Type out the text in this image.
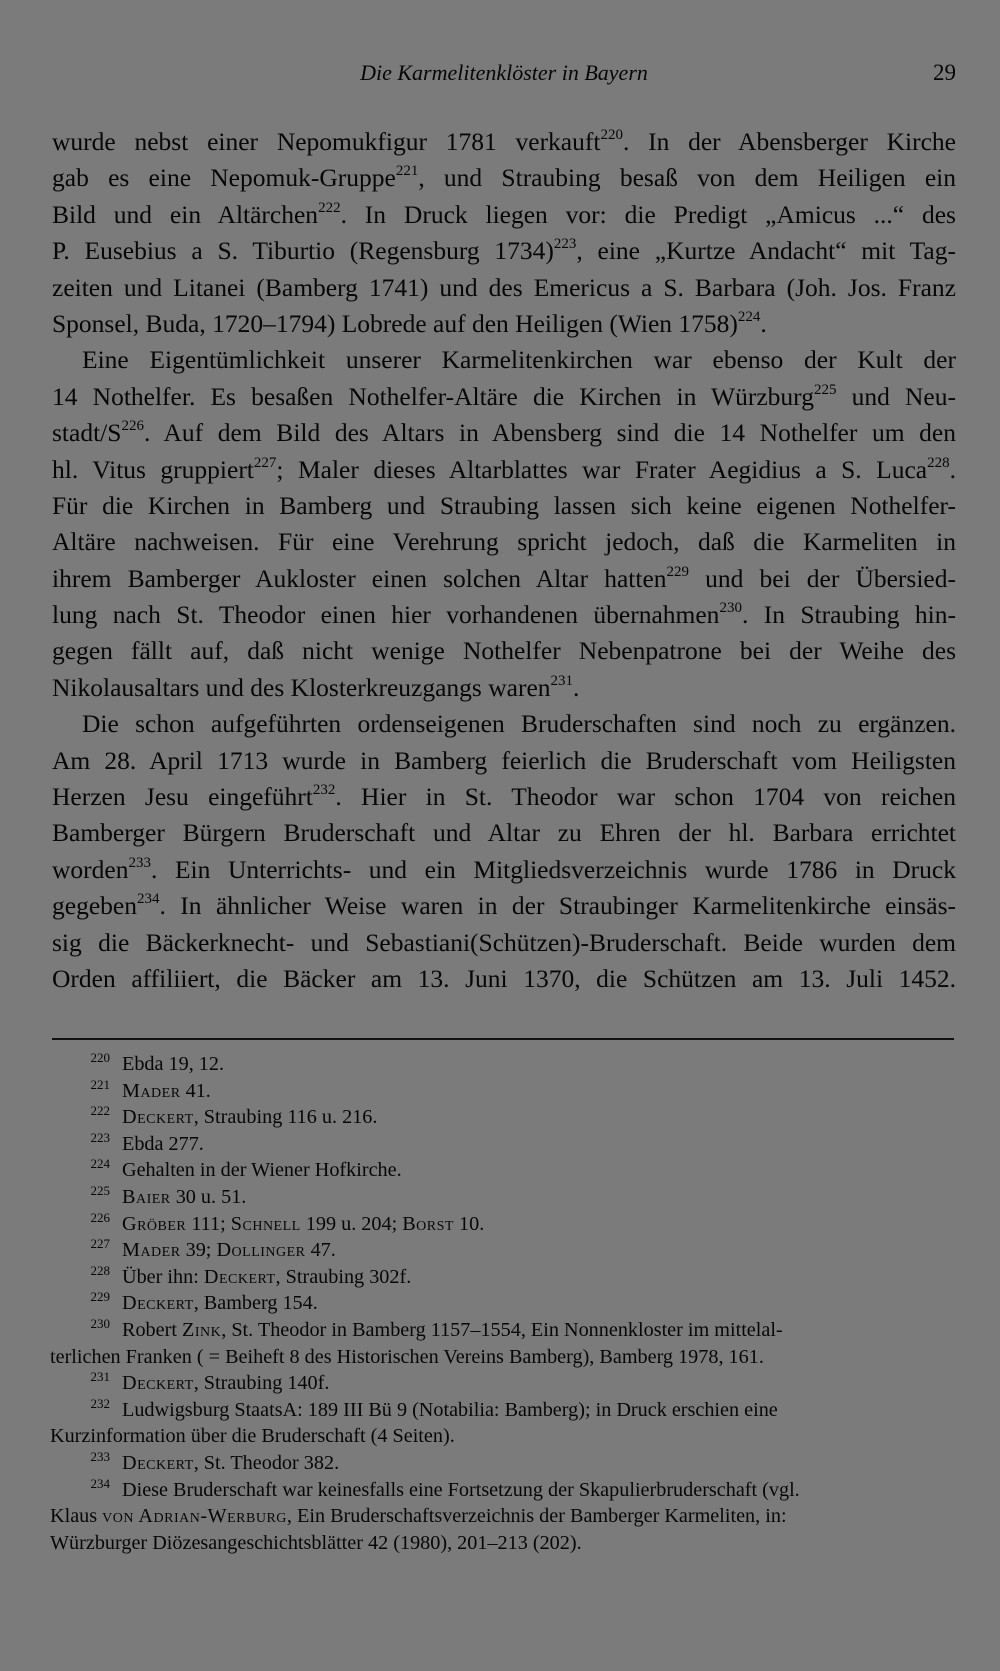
Die Karmelitenklöster in Bayern	29
wurde nebst einer Nepomukfigur 1781 verkauft$^{220}$. In der Abensberger Kirche
gab es eine Nepomuk-Gruppe$^{221}$, und Straubing besaß von dem Heiligen ein
Bild und ein Altärchen$^{222}$. In Druck liegen vor: die Predigt „Amicus ...“ des
P. Eusebius a S. Tiburtio (Regensburg 1734)$^{223}$, eine „Kurtze Andacht“ mit Tag-
zeiten und Litanei (Bamberg 1741) und des Emericus a S. Barbara (Joh. Jos. Franz
Sponsel, Buda, 1720–1794) Lobrede auf den Heiligen (Wien 1758)$^{224}$.
Eine Eigentümlichkeit unserer Karmelitenkirchen war ebenso der Kult der
14 Nothelfer. Es besaßen Nothelfer-Altäre die Kirchen in Würzburg$^{225}$ und Neu-
stadt/$S^{226}$. Auf dem Bild des Altars in Abensberg sind die 14 Nothelfer um den
hl. Vitus gruppiert$^{227}$; Maler dieses Altarblattes war Frater Aegidius a S. Luca$^{228}$.
Für die Kirchen in Bamberg und Straubing lassen sich keine eigenen Nothelfer-
Altäre nachweisen. Für eine Verehrung spricht jedoch, daß die Karmeliten in
ihrem Bamberger Aukloster einen solchen Altar hatten$^{229}$ und bei der Übersied-
lung nach St. Theodor einen hier vorhandenen übernahmen$^{230}$. In Straubing hin-
gegen fällt auf, daß nicht wenige Nothelfer Nebenpatrone bei der Weihe des
Nikolausaltars und des Klosterkreuzgangs waren$^{231}$.
Die schon aufgeführten ordenseigenen Bruderschaften sind noch zu ergänzen.
Am 28. April 1713 wurde in Bamberg feierlich die Bruderschaft vom Heiligsten
Herzen Jesu eingeführt$^{232}$. Hier in St. Theodor war schon 1704 von reichen
Bamberger Bürgern Bruderschaft und Altar zu Ehren der hl. Barbara errichtet
worden$^{233}$. Ein Unterrichts- und ein Mitgliedsverzeichnis wurde 1786 in Druck
gegeben$^{234}$. In ähnlicher Weise waren in der Straubinger Karmelitenkirche einsäs-
sig die Bäckerknecht- und Sebastiani(Schützen)-Bruderschaft. Beide wurden dem
Orden affiliiert, die Bäcker am 13. Juni 1370, die Schützen am 13. Juli 1452.
220 Ebda 19, 12.
221 Mader 41.
222 Deckert, Straubing 116 u. 216.
223 Ebda 277.
224 Gehalten in der Wiener Hofkirche.
225 Baier 30 u. 51.
226 Gröber 111; Schnell 199 u. 204; Borst 10.
227 Mader 39; Dollinger 47.
228 Über ihn: Deckert, Straubing 302f.
229 Deckert, Bamberg 154.
230 Robert Zink, St. Theodor in Bamberg 1157–1554, Ein Nonnenkloster im mittelal-
terlichen Franken ( = Beiheft 8 des Historischen Vereins Bamberg), Bamberg 1978, 161.
231 Deckert, Straubing 140f.
232 Ludwigsburg StaatsA: 189 III Bü 9 (Notabilia: Bamberg); in Druck erschien eine
Kurzinformation über die Bruderschaft (4 Seiten).
233 Deckert, St. Theodor 382.
234 Diese Bruderschaft war keinesfalls eine Fortsetzung der Skapulierbruderschaft (vgl.
Klaus von Adrian-Werburg, Ein Bruderschaftsverzeichnis der Bamberger Karmeliten, in:
Würzburger Diözesangeschichtsblätter 42 (1980), 201–213 (202).
